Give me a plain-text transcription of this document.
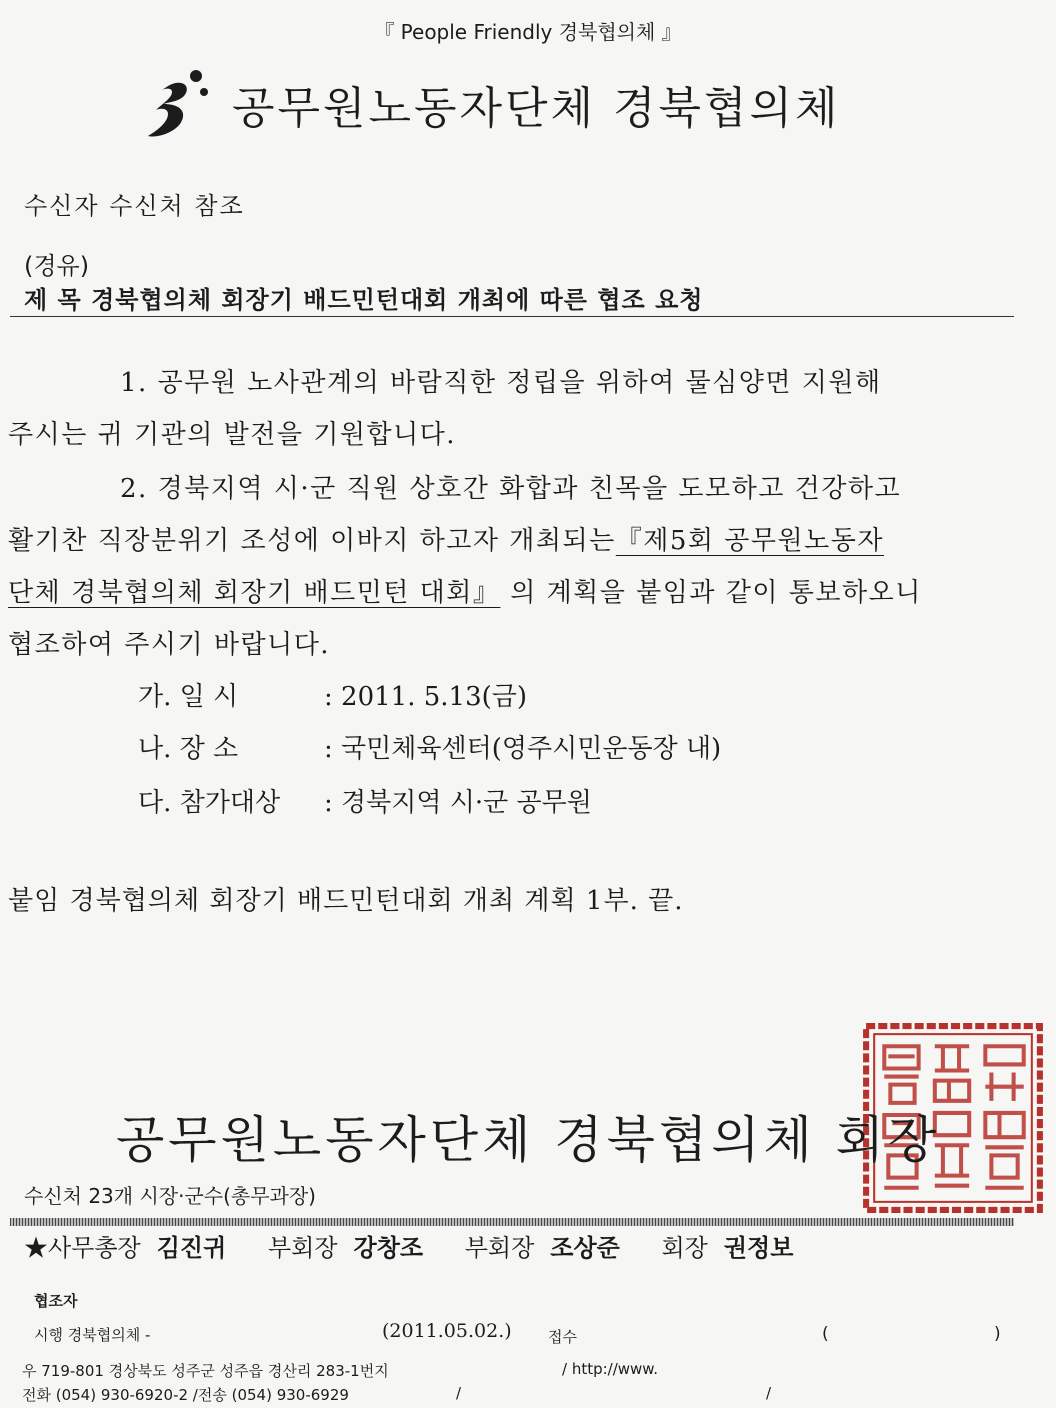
『 People Friendly 경북협의체 』
공무원노동자단체 경북협의체
수신자 수신처 참조
(경유)
제 목 경북협의체 회장기 배드민턴대회 개최에 따른 협조 요청
1. 공무원 노사관계의 바람직한 정립을 위하여 물심양면 지원해
주시는 귀 기관의 발전을 기원합니다.
2. 경북지역 시·군 직원 상호간 화합과 친목을 도모하고 건강하고
활기찬 직장분위기 조성에 이바지 하고자 개최되는『제5회 공무원노동자
단체 경북협의체 회장기 배드민턴 대회』 의 계획을 붙임과 같이 통보하오니
협조하여 주시기 바랍니다.
가. 일 시	: 2011. 5.13(금)
나. 장 소	: 국민체육센터(영주시민운동장 내)
다. 참가대상 : 경북지역 시·군 공무원
붙임 경북협의체 회장기 배드민턴대회 개최 계획 1부. 끝.
공무원노동자단체 경북협의체 회장
수신처 23개 시장·군수(총무과장)
★사무총장 김진귀 부회장 강창조 부회장 조상준 회장 권정보
협조자
시행 경북협의체 -	(2011.05.02.) 접수	(	)
우 719-801 경상북도 성주군 성주읍 경산리 283-1번지	/ http://www.
전화 (054) 930-6920-2 /전송 (054) 930-6929	/	/
